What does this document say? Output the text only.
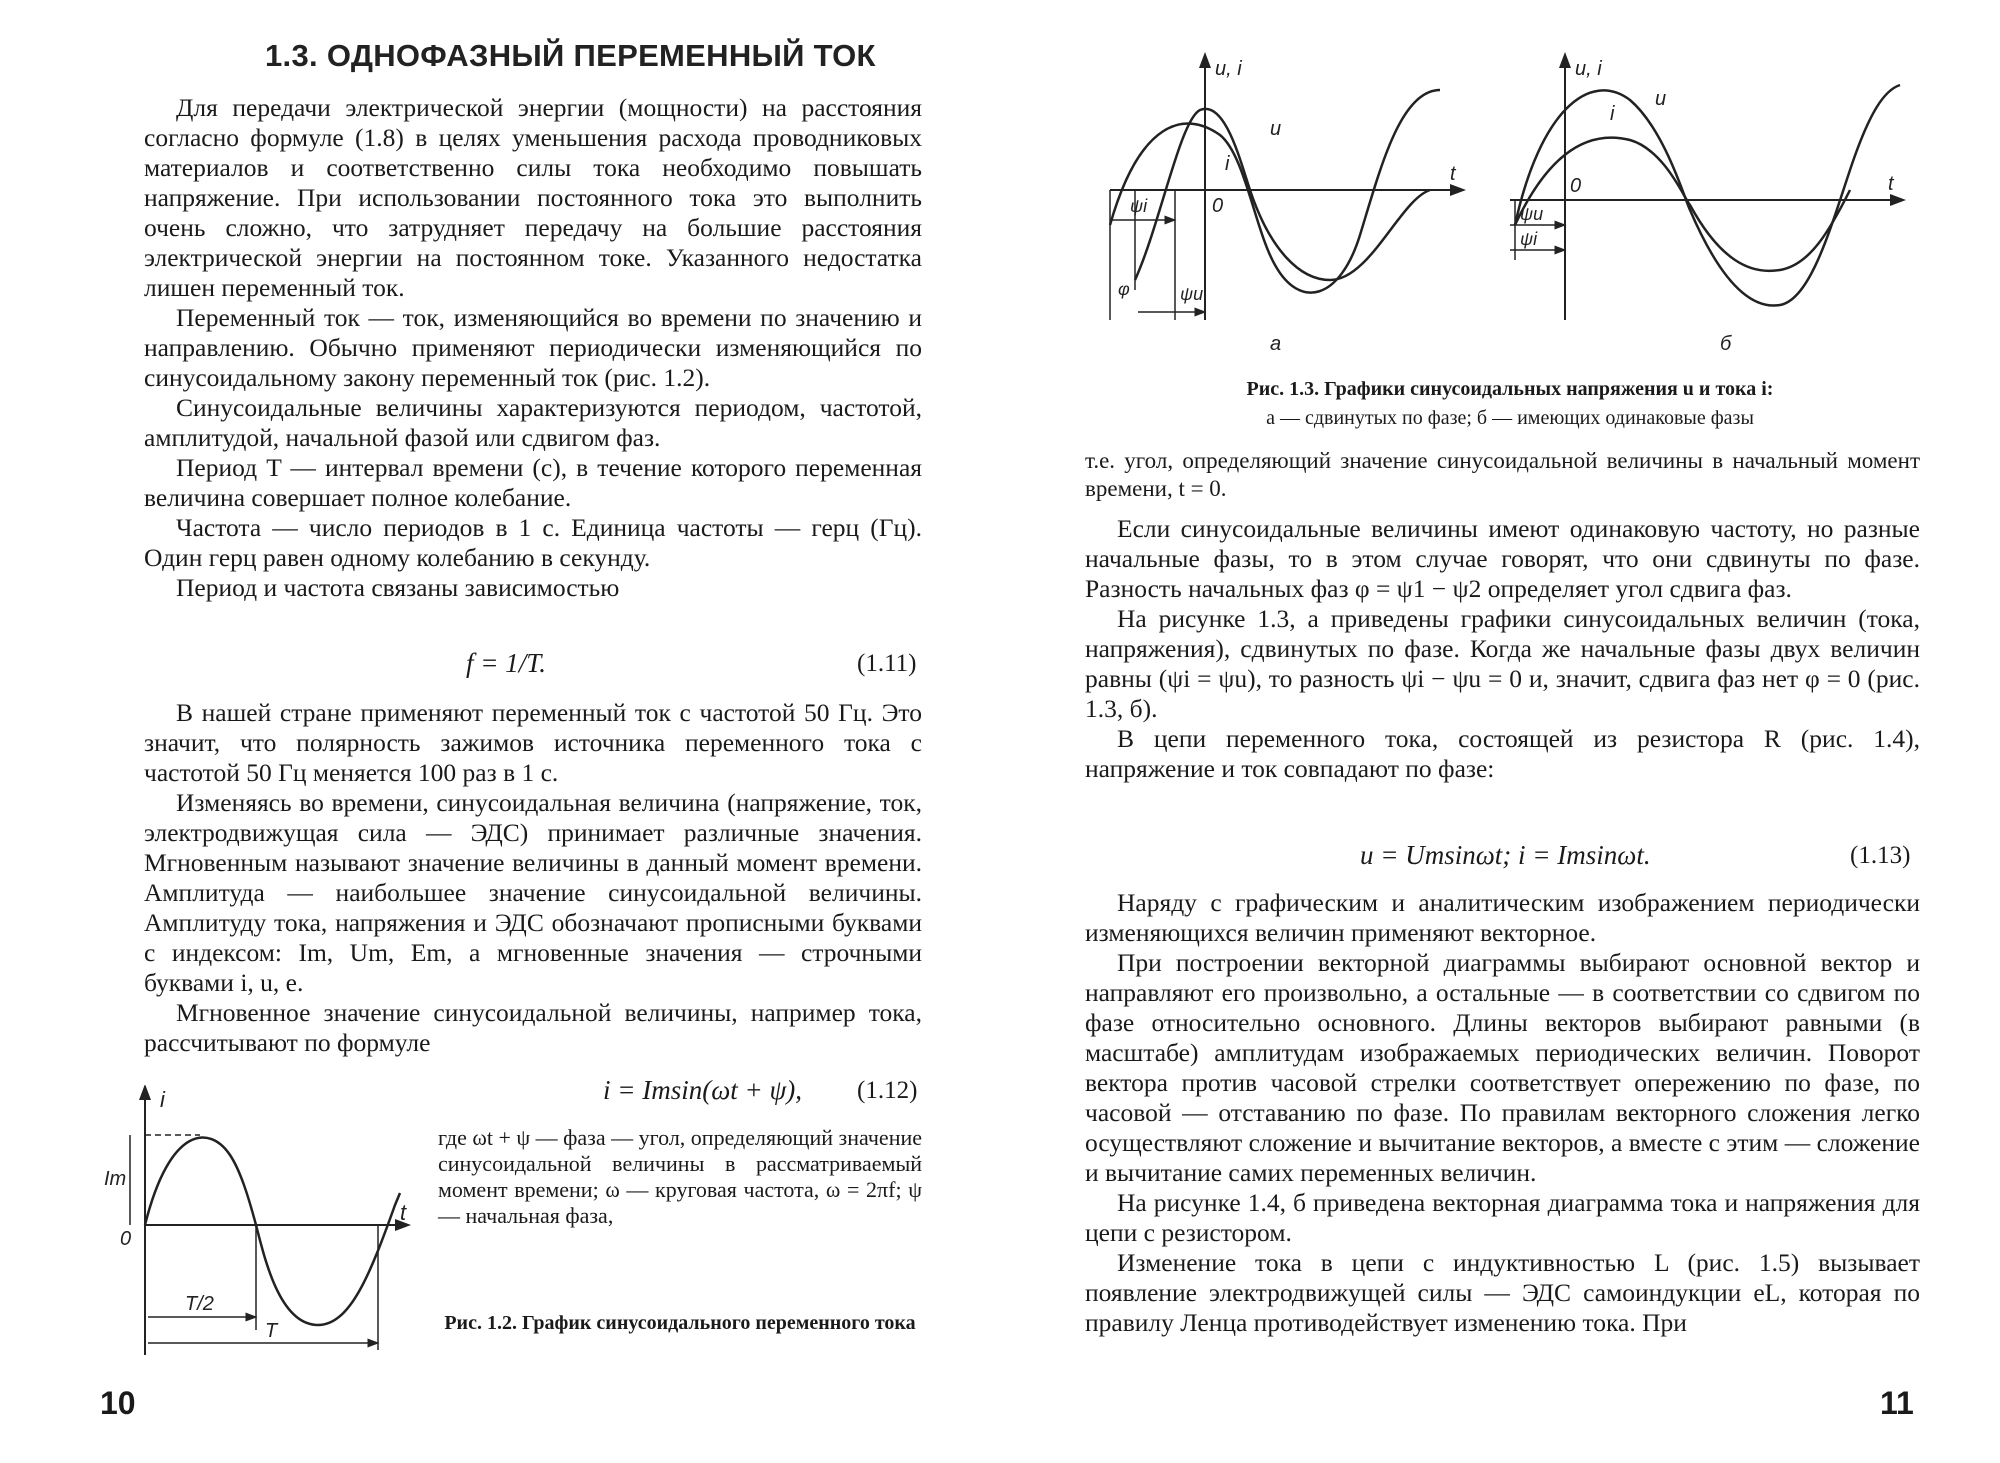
1.3. ОДНОФАЗНЫЙ ПЕРЕМЕННЫЙ ТОК

Для передачи электрической энергии (мощности) на расстояния согласно формуле (1.8) в целях уменьшения расхода проводниковых материалов и соответственно силы тока необходимо повышать напряжение. При использовании постоянного тока это выполнить очень сложно, что затрудняет передачу на большие расстояния электрической энергии на постоянном токе. Указанного недостатка лишен переменный ток.

Переменный ток — ток, изменяющийся во времени по значению и направлению. Обычно применяют периодически изменяющийся по синусоидальному закону переменный ток (рис. 1.2).

Синусоидальные величины характеризуются периодом, частотой, амплитудой, начальной фазой или сдвигом фаз.

Период T — интервал времени (с), в течение которого переменная величина совершает полное колебание.

Частота — число периодов в 1 с. Единица частоты — герц (Гц). Один герц равен одному колебанию в секунду.

Период и частота связаны зависимостью

f = 1/T.	(1.11)

В нашей стране применяют переменный ток с частотой 50 Гц. Это значит, что полярность зажимов источника переменного тока с частотой 50 Гц меняется 100 раз в 1 с.

Изменяясь во времени, синусоидальная величина (напряжение, ток, электродвижущая сила — ЭДС) принимает различные значения. Мгновенным называют значение величины в данный момент времени. Амплитуда — наибольшее значение синусоидальной величины. Амплитуду тока, напряжения и ЭДС обозначают прописными буквами с индексом: Im, Um, Em, а мгновенные значения — строчными буквами i, u, e.

Мгновенное значение синусоидальной величины, например тока, рассчитывают по формуле

i = Imsin(ωt + ψ), (1.12)

где ωt + ψ — фаза — угол, определяющий значение синусоидальной величины в рассматриваемый момент времени; ω — круговая частота, ω = 2πf; ψ — начальная фаза,

i
t
0
Im
T/2
T	Рис. 1.2. График синусоидального переменного тока
10
u, i
u
i	t
0
ψi
φ	ψu
а
u, i
u
i
0	t
ψu
ψi
б
Рис. 1.3. Графики синусоидальных напряжения u и тока i:
а — сдвинутых по фазе; б — имеющих одинаковые фазы

т.е. угол, определяющий значение синусоидальной величины в начальный момент времени, t = 0.

Если синусоидальные величины имеют одинаковую частоту, но разные начальные фазы, то в этом случае говорят, что они сдвинуты по фазе. Разность начальных фаз φ = ψ1 − ψ2 определяет угол сдвига фаз.

На рисунке 1.3, а приведены графики синусоидальных величин (тока, напряжения), сдвинутых по фазе. Когда же начальные фазы двух величин равны (ψi = ψu), то разность ψi − ψu = 0 и, значит, сдвига фаз нет φ = 0 (рис. 1.3, б).

В цепи переменного тока, состоящей из резистора R (рис. 1.4), напряжение и ток совпадают по фазе:

u = Umsinωt; i = Imsinωt.	(1.13)

Наряду с графическим и аналитическим изображением периодически изменяющихся величин применяют векторное.

При построении векторной диаграммы выбирают основной вектор и направляют его произвольно, а остальные — в соответствии со сдвигом по фазе относительно основного. Длины векторов выбирают равными (в масштабе) амплитудам изображаемых периодических величин. Поворот вектора против часовой стрелки соответствует опережению по фазе, по часовой — отставанию по фазе. По правилам векторного сложения легко осуществляют сложение и вычитание векторов, а вместе с этим — сложение и вычитание самих переменных величин.

На рисунке 1.4, б приведена векторная диаграмма тока и напряжения для цепи с резистором.

Изменение тока в цепи с индуктивностью L (рис. 1.5) вызывает появление электродвижущей силы — ЭДС самоиндукции eL, которая по правилу Ленца противодействует изменению тока. При

11
